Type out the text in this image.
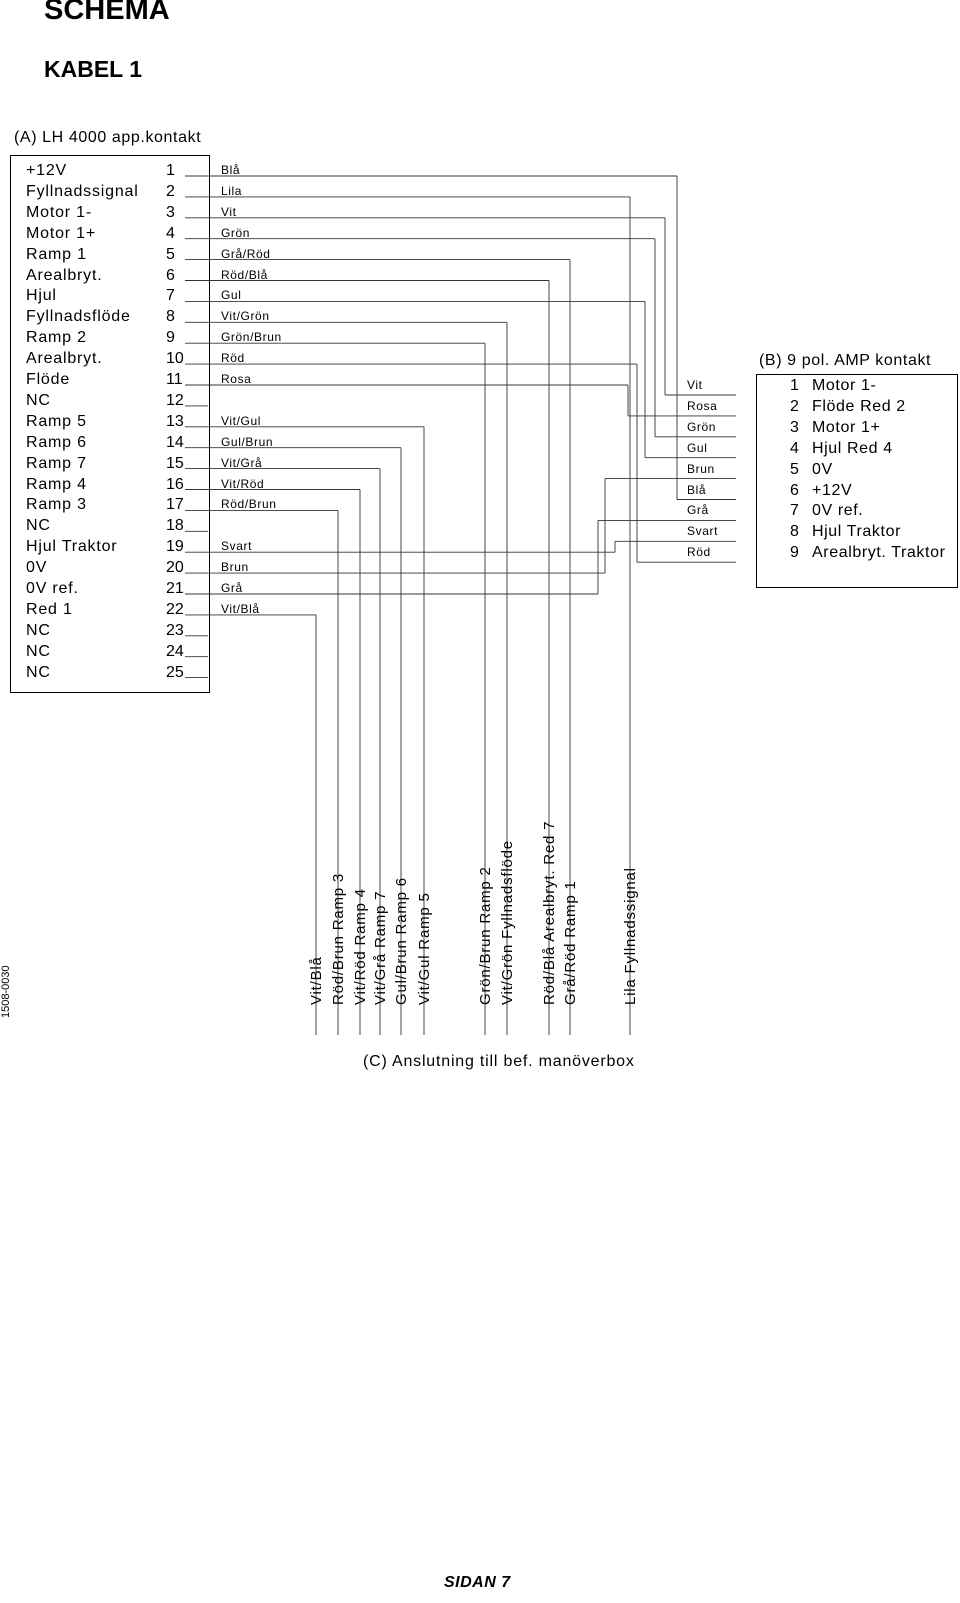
SCHEMA
KABEL 1
(A) LH 4000 app.kontakt
(B) 9 pol. AMP kontakt
(C) Anslutning till bef. manöverbox
1508-0030
SIDAN 7
+12V	1	Blå
Fyllnadssignal 2	Lila
Motor 1-	3	Vit
Motor 1+	4	Grön
Ramp 1	5	Grå/Röd
Arealbryt.	6	Röd/Blå
Hjul	7	Gul
Fyllnadsflöde 8	Vit/Grön
Ramp 2	9	Grön/Brun
Arealbryt.	10	Röd
Flöde	11	Rosa
NC	12
Ramp 5	13	Vit/Gul
Ramp 6	14	Gul/Brun
Ramp 7	15	Vit/Grå
Ramp 4	16	Vit/Röd
Ramp 3	17	Röd/Brun
NC	18
Hjul Traktor	19	Svart
0V	20	Brun
0V ref.	21	Grå
Red 1	22	Vit/Blå
NC	23
NC	24
NC	25
Vit
Rosa
Grön
Gul
Brun
Blå
Grå
Svart
Röd
1 Motor 1-
2 Flöde Red 2
3 Motor 1+
4 Hjul Red 4
5 0V
6 +12V
7 0V ref.
8 Hjul Traktor
9 Arealbryt. Traktor
Vit/Blå Röd/Brun Ramp 3 Vit/Röd Ramp 4 Vit/Grå Ramp 7 Gul/Brun Ramp 6 Vit/Gul Ramp 5	Grön/Brun Ramp 2 Vit/Grön Fyllnadsflöde Röd/Blå Arealbryt. Red 7 Grå/Röd Ramp 1	Lila Fyllnadssignal
